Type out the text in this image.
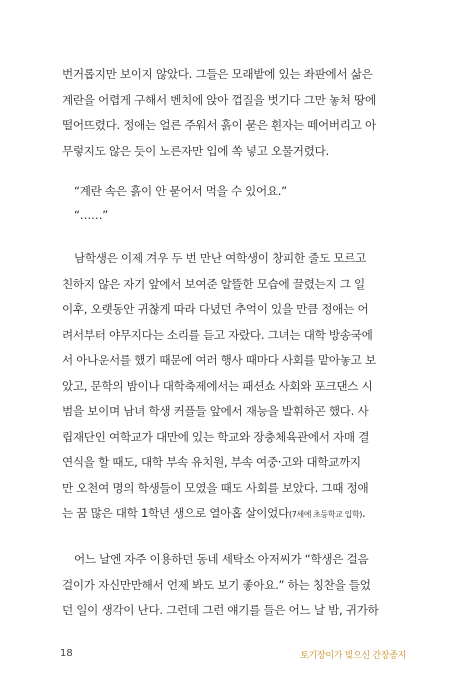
번거롭지만 보이지 않았다. 그들은 모래밭에 있는 좌판에서 삶은
계란을 어렵게 구해서 벤치에 앉아 껍질을 벗기다 그만 놓쳐 땅에
떨어뜨렸다. 정애는 얼른 주워서 흙이 묻은 흰자는 떼어버리고 아
무렇지도 않은 듯이 노른자만 입에 쏙 넣고 오물거렸다.
“계란 속은 흙이 안 묻어서 먹을 수 있어요.”
“……”
남학생은 이제 겨우 두 번 만난 여학생이 창피한 줄도 모르고
친하지 않은 자기 앞에서 보여준 알뜰한 모습에 끌렸는지 그 일
이후, 오랫동안 귀찮게 따라 다녔던 추억이 있을 만큼 정애는 어
려서부터 야무지다는 소리를 듣고 자랐다. 그녀는 대학 방송국에
서 아나운서를 했기 때문에 여러 행사 때마다 사회를 맡아놓고 보
았고, 문학의 밤이나 대학축제에서는 패션쇼 사회와 포크댄스 시
범을 보이며 남녀 학생 커플들 앞에서 재능을 발휘하곤 했다. 사
립재단인 여학교가 대만에 있는 학교와 장충체육관에서 자매 결
연식을 할 때도, 대학 부속 유치원, 부속 여중·고와 대학교까지
만 오천여 명의 학생들이 모였을 때도 사회를 보았다. 그때 정애
는 꿈 많은 대학 1학년 생으로 열아홉 살이었다(7세에 초등학교 입학).
어느 날엔 자주 이용하던 동네 세탁소 아저씨가 “학생은 걸음
걸이가 자신만만해서 언제 봐도 보기 좋아요.” 하는 칭찬을 들었
던 일이 생각이 난다. 그런데 그런 얘기를 들은 어느 날 밤, 귀가하
18	토기장이가 빚으신 간장종지
